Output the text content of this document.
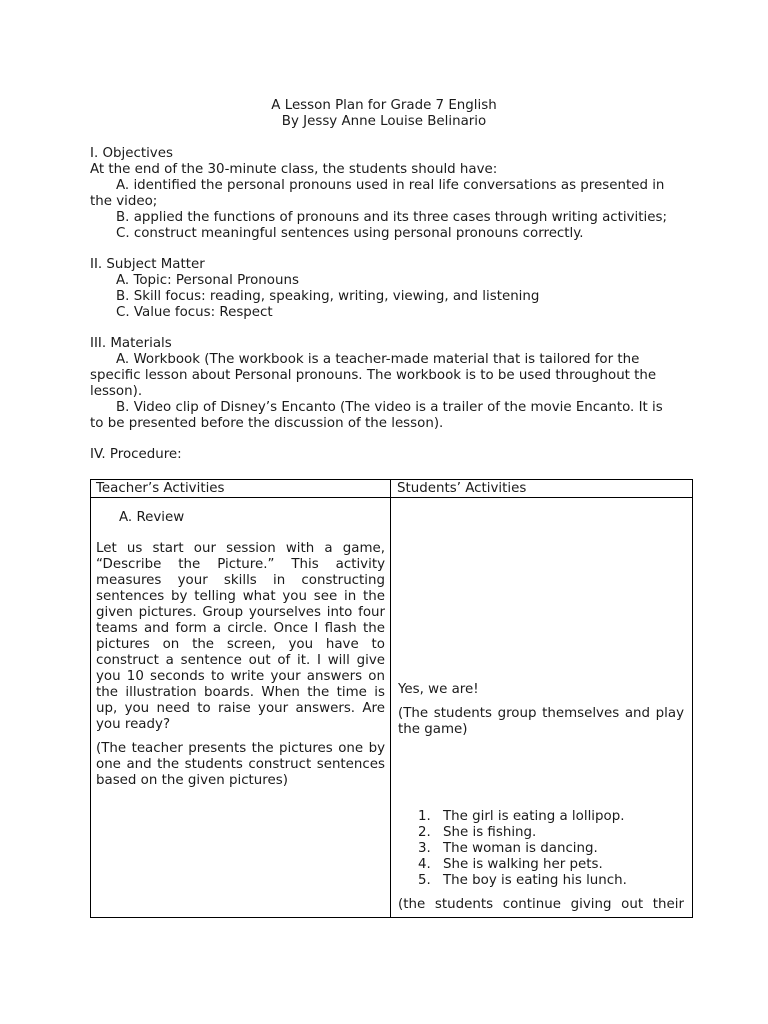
A Lesson Plan for Grade 7 English
By Jessy Anne Louise Belinario
I. Objectives
At the end of the 30-minute class, the students should have:
A. identified the personal pronouns used in real life conversations as presented in
the video;
B. applied the functions of pronouns and its three cases through writing activities;
C. construct meaningful sentences using personal pronouns correctly.
II. Subject Matter
A. Topic: Personal Pronouns
B. Skill focus: reading, speaking, writing, viewing, and listening
C. Value focus: Respect
III. Materials
A. Workbook (The workbook is a teacher-made material that is tailored for the
specific lesson about Personal pronouns. The workbook is to be used throughout the
lesson).
B. Video clip of Disney’s Encanto (The video is a trailer of the movie Encanto. It is
to be presented before the discussion of the lesson).
IV. Procedure:
Teacher’s Activities	Students’ Activities
A. Review
Let us start our session with a game, “Describe the Picture.” This activity measures your skills in constructing sentences by telling what you see in the given pictures. Group yourselves into four teams and form a circle. Once I flash the pictures on the screen, you have to construct a sentence out of it. I will give you 10 seconds to write your answers on the illustration boards. When the time is up, you need to raise your answers. Are you ready?
(The teacher presents the pictures one by one and the students construct sentences based on the given pictures)
Yes, we are!
(The students group themselves and play the game)
1. The girl is eating a lollipop.
2. She is fishing.
3. The woman is dancing.
4. She is walking her pets.
5. The boy is eating his lunch.
(the students continue giving out their
